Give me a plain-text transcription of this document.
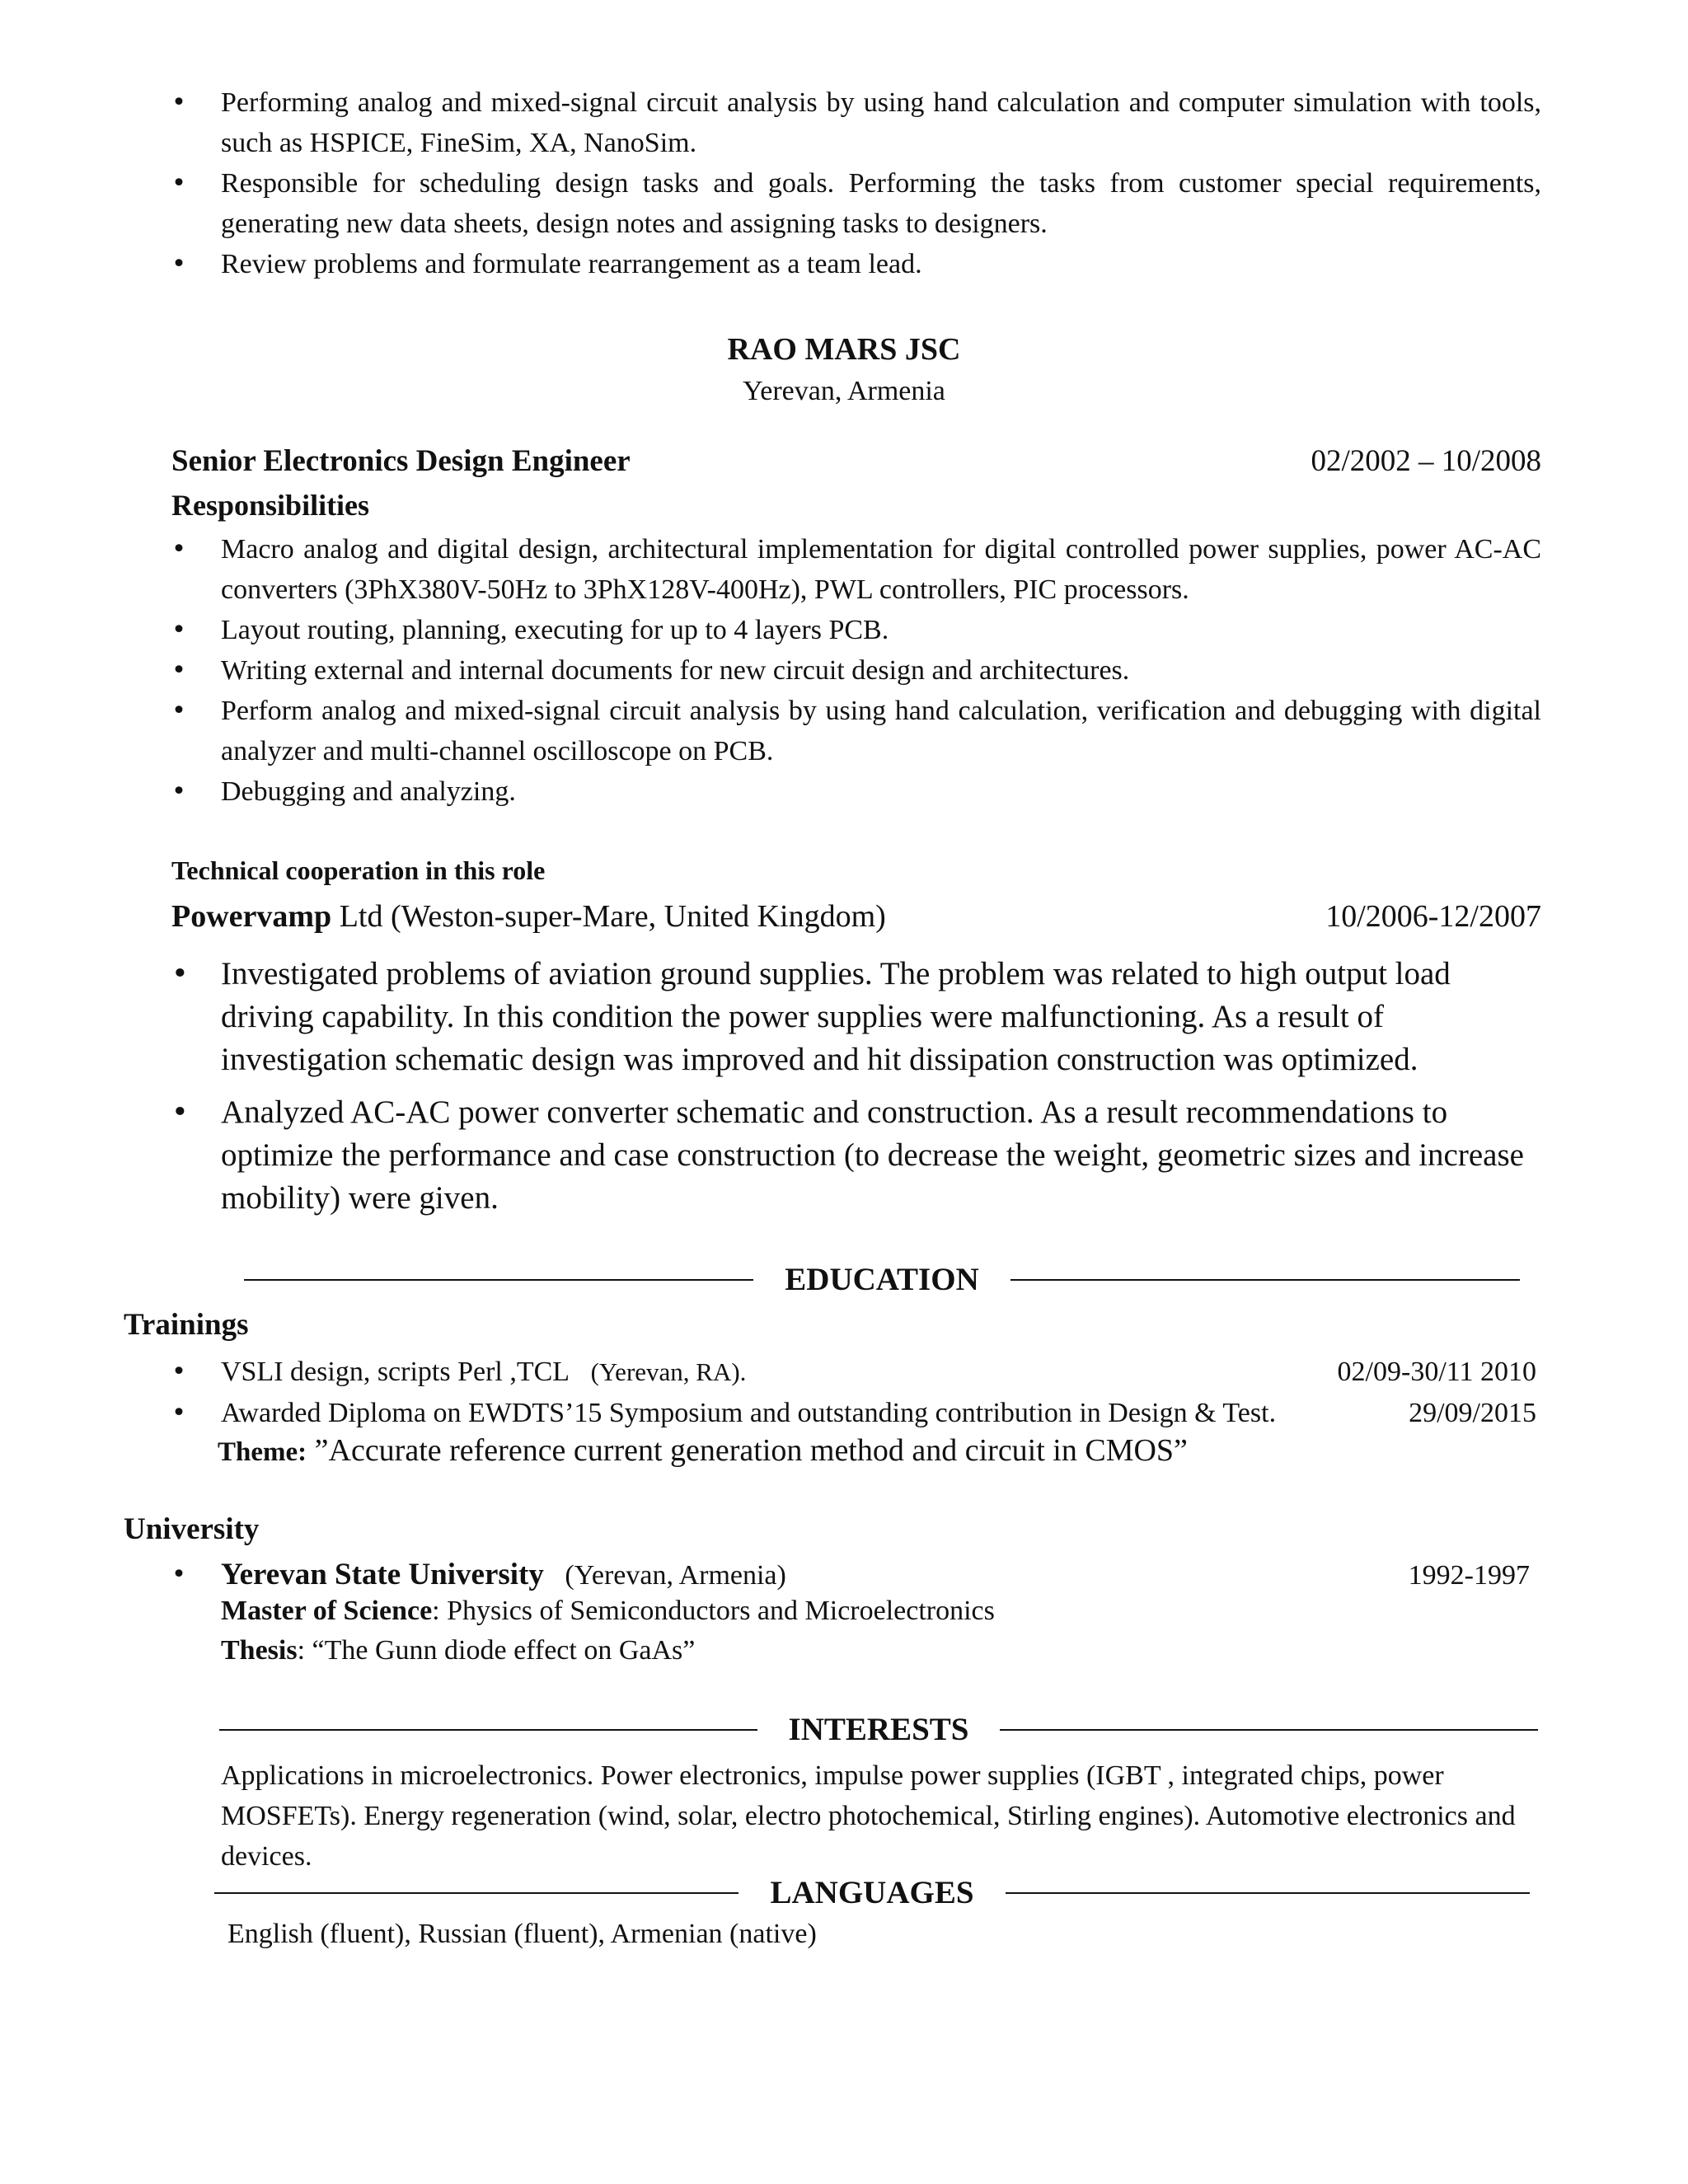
• Performing analog and mixed-signal circuit analysis by using hand calculation and computer simulation with tools, such as HSPICE, FineSim, XA, NanoSim.
• Responsible for scheduling design tasks and goals. Performing the tasks from customer special requirements, generating new data sheets, design notes and assigning tasks to designers.
• Review problems and formulate rearrangement as a team lead.
RAO MARS JSC
Yerevan, Armenia
Senior Electronics Design Engineer	02/2002 – 10/2008
Responsibilities
• Macro analog and digital design, architectural implementation for digital controlled power supplies, power AC-AC converters (3PhX380V-50Hz to 3PhX128V-400Hz), PWL controllers, PIC processors.
• Layout routing, planning, executing for up to 4 layers PCB.
• Writing external and internal documents for new circuit design and architectures.
• Perform analog and mixed-signal circuit analysis by using hand calculation, verification and debugging with digital analyzer and multi-channel oscilloscope on PCB.
• Debugging and analyzing.
Technical cooperation in this role
Powervamp Ltd (Weston-super-Mare, United Kingdom)	10/2006-12/2007
• Investigated problems of aviation ground supplies. The problem was related to high output load driving capability. In this condition the power supplies were malfunctioning. As a result of investigation schematic design was improved and hit dissipation construction was optimized.
• Analyzed AC-AC power converter schematic and construction. As a result recommendations to optimize the performance and case construction (to decrease the weight, geometric sizes and increase mobility) were given.
EDUCATION
Trainings
• VSLI design, scripts Perl ,TCL (Yerevan, RA).	02/09-30/11 2010
• Awarded Diploma on EWDTS’15 Symposium and outstanding contribution in Design & Test.	29/09/2015
Theme: ”Accurate reference current generation method and circuit in CMOS”
University
• Yerevan State University (Yerevan, Armenia)	1992-1997
Master of Science: Physics of Semiconductors and Microelectronics
Thesis: “The Gunn diode effect on GaAs”
INTERESTS
Applications in microelectronics. Power electronics, impulse power supplies (IGBT , integrated chips, power MOSFETs). Energy regeneration (wind, solar, electro photochemical, Stirling engines). Automotive electronics and devices.
LANGUAGES
English (fluent), Russian (fluent), Armenian (native)
